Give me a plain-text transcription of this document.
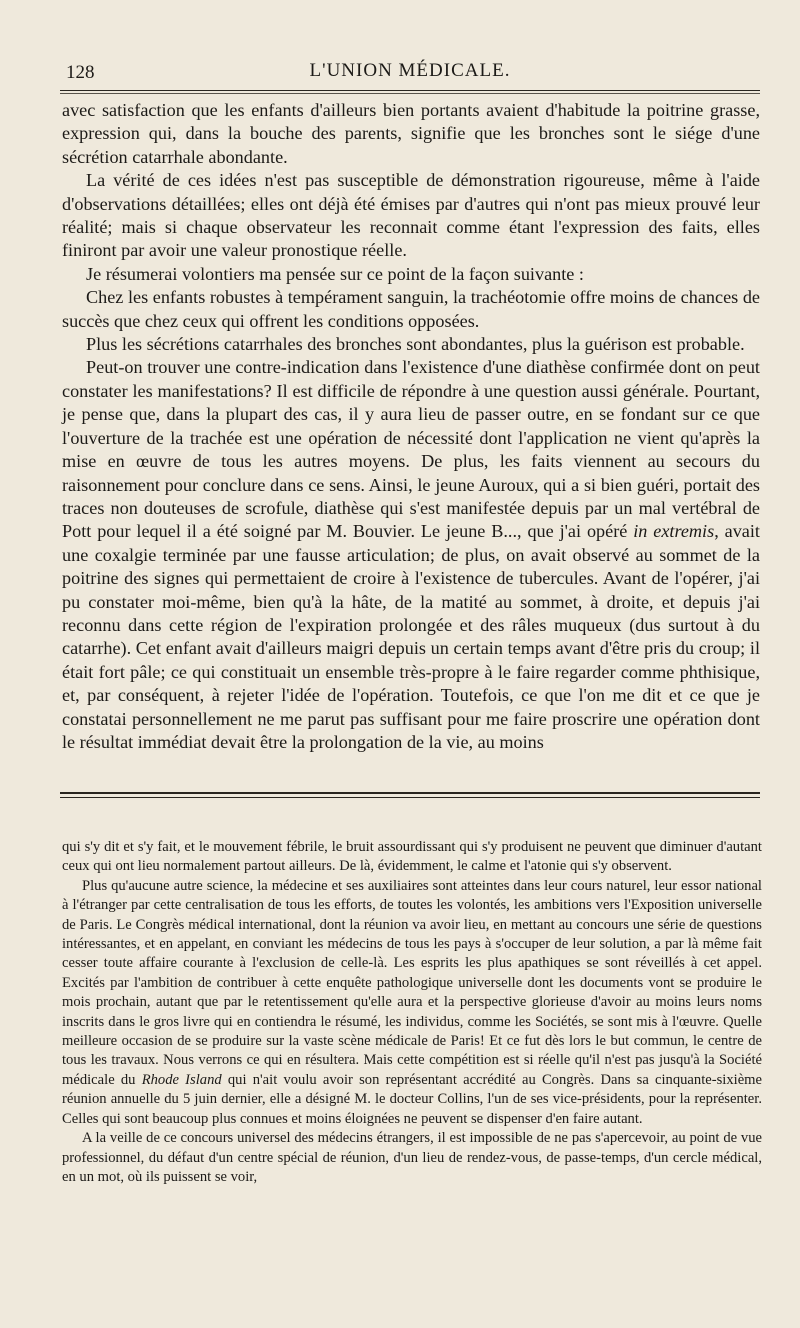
128	L'UNION MÉDICALE.

avec satisfaction que les enfants d'ailleurs bien portants avaient d'habitude la poitrine grasse, expression qui, dans la bouche des parents, signifie que les bronches sont le siége d'une sécrétion catarrhale abondante.

La vérité de ces idées n'est pas susceptible de démonstration rigoureuse, même à l'aide d'observations détaillées; elles ont déjà été émises par d'autres qui n'ont pas mieux prouvé leur réalité; mais si chaque observateur les reconnait comme étant l'expression des faits, elles finiront par avoir une valeur pronostique réelle.

Je résumerai volontiers ma pensée sur ce point de la façon suivante :

Chez les enfants robustes à tempérament sanguin, la trachéotomie offre moins de chances de succès que chez ceux qui offrent les conditions opposées.

Plus les sécrétions catarrhales des bronches sont abondantes, plus la guérison est probable.

Peut-on trouver une contre-indication dans l'existence d'une diathèse confirmée dont on peut constater les manifestations? Il est difficile de répondre à une question aussi générale. Pourtant, je pense que, dans la plupart des cas, il y aura lieu de passer outre, en se fondant sur ce que l'ouverture de la trachée est une opération de nécessité dont l'application ne vient qu'après la mise en œuvre de tous les autres moyens. De plus, les faits viennent au secours du raisonnement pour conclure dans ce sens. Ainsi, le jeune Auroux, qui a si bien guéri, portait des traces non douteuses de scrofule, diathèse qui s'est manifestée depuis par un mal vertébral de Pott pour lequel il a été soigné par M. Bouvier. Le jeune B..., que j'ai opéré in extremis, avait une coxalgie terminée par une fausse articulation; de plus, on avait observé au sommet de la poitrine des signes qui permettaient de croire à l'existence de tubercules. Avant de l'opérer, j'ai pu constater moi-même, bien qu'à la hâte, de la matité au sommet, à droite, et depuis j'ai reconnu dans cette région de l'expiration prolongée et des râles muqueux (dus surtout à du catarrhe). Cet enfant avait d'ailleurs maigri depuis un certain temps avant d'être pris du croup; il était fort pâle; ce qui constituait un ensemble très-propre à le faire regarder comme phthisique, et, par conséquent, à rejeter l'idée de l'opération. Toutefois, ce que l'on me dit et ce que je constatai personnellement ne me parut pas suffisant pour me faire proscrire une opération dont le résultat immédiat devait être la prolongation de la vie, au moins

qui s'y dit et s'y fait, et le mouvement fébrile, le bruit assourdissant qui s'y produisent ne peuvent que diminuer d'autant ceux qui ont lieu normalement partout ailleurs. De là, évidemment, le calme et l'atonie qui s'y observent.

Plus qu'aucune autre science, la médecine et ses auxiliaires sont atteintes dans leur cours naturel, leur essor national à l'étranger par cette centralisation de tous les efforts, de toutes les volontés, les ambitions vers l'Exposition universelle de Paris. Le Congrès médical international, dont la réunion va avoir lieu, en mettant au concours une série de questions intéressantes, et en appelant, en conviant les médecins de tous les pays à s'occuper de leur solution, a par là même fait cesser toute affaire courante à l'exclusion de celle-là. Les esprits les plus apathiques se sont réveillés à cet appel. Excités par l'ambition de contribuer à cette enquête pathologique universelle dont les documents vont se produire le mois prochain, autant que par le retentissement qu'elle aura et la perspective glorieuse d'avoir au moins leurs noms inscrits dans le gros livre qui en contiendra le résumé, les individus, comme les Sociétés, se sont mis à l'œuvre. Quelle meilleure occasion de se produire sur la vaste scène médicale de Paris! Et ce fut dès lors le but commun, le centre de tous les travaux. Nous verrons ce qui en résultera. Mais cette compétition est si réelle qu'il n'est pas jusqu'à la Société médicale du Rhode Island qui n'ait voulu avoir son représentant accrédité au Congrès. Dans sa cinquante-sixième réunion annuelle du 5 juin dernier, elle a désigné M. le docteur Collins, l'un de ses vice-présidents, pour la représenter. Celles qui sont beaucoup plus connues et moins éloignées ne peuvent se dispenser d'en faire autant.

A la veille de ce concours universel des médecins étrangers, il est impossible de ne pas s'apercevoir, au point de vue professionnel, du défaut d'un centre spécial de réunion, d'un lieu de rendez-vous, de passe-temps, d'un cercle médical, en un mot, où ils puissent se voir,
